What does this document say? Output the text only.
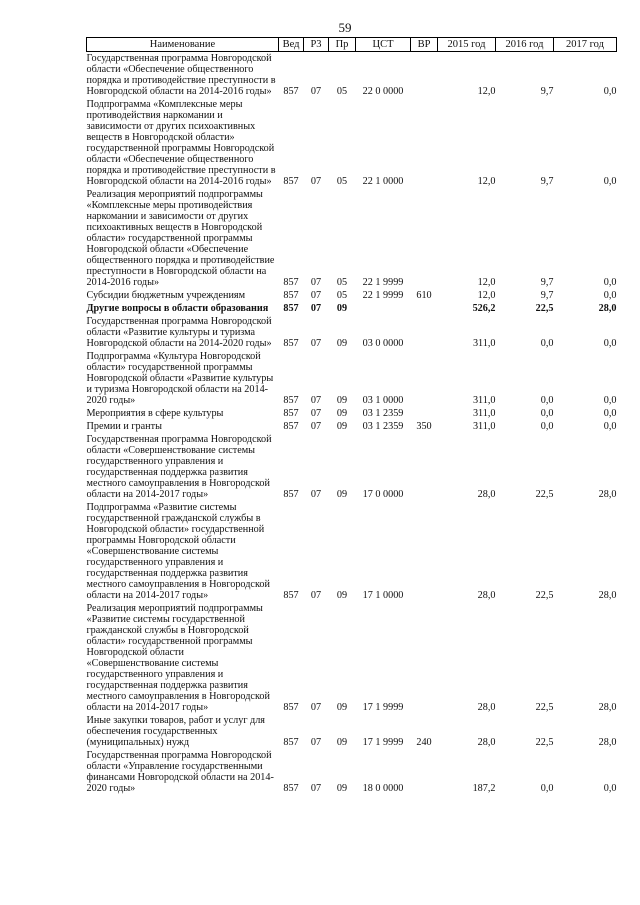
59
Наименование	Вед	Р3	Пр	ЦСТ	ВР	2015 год	2016 год	2017 год
Государственная программа Новгородской области «Обеспечение общественного порядка и противодействие преступности в Новгородской области на 2014-2016 годы»	857	07	05	22 0 0000		12,0	9,7	0,0
Подпрограмма «Комплексные меры противодействия наркомании и зависимости от других психоактивных веществ в Новгородской области» государственной программы Новгородской области «Обеспечение общественного порядка и противодействие преступности в Новгородской области на 2014-2016 годы»	857	07	05	22 1 0000		12,0	9,7	0,0
Реализация мероприятий подпрограммы «Комплексные меры противодействия наркомании и зависимости от других психоактивных веществ в Новгородской области» государственной программы Новгородской области «Обеспечение общественного порядка и противодействие преступности в Новгородской области на 2014-2016 годы»	857	07	05	22 1 9999		12,0	9,7	0,0
Субсидии бюджетным учреждениям	857	07	05	22 1 9999	610	12,0	9,7	0,0
Другие вопросы в области образования	857	07	09			526,2	22,5	28,0
Государственная программа Новгородской области «Развитие культуры и туризма Новгородской области на 2014-2020 годы»	857	07	09	03 0 0000		311,0	0,0	0,0
Подпрограмма «Культура Новгородской области» государственной программы Новгородской области «Развитие культуры и туризма Новгородской области на 2014-2020 годы»	857	07	09	03 1 0000		311,0	0,0	0,0
Мероприятия в сфере культуры	857	07	09	03 1 2359		311,0	0,0	0,0
Премии и гранты	857	07	09	03 1 2359	350	311,0	0,0	0,0
Государственная программа Новгородской области «Совершенствование системы государственного управления и государственная поддержка развития местного самоуправления в Новгородской области на 2014-2017 годы»	857	07	09	17 0 0000		28,0	22,5	28,0
Подпрограмма «Развитие системы государственной гражданской службы в Новгородской области» государственной программы Новгородской области «Совершенствование системы государственного управления и государственная поддержка развития местного самоуправления в Новгородской области на 2014-2017 годы»	857	07	09	17 1 0000		28,0	22,5	28,0
Реализация мероприятий подпрограммы «Развитие системы государственной гражданской службы в Новгородской области» государственной программы Новгородской области «Совершенствование системы государственного управления и государственная поддержка развития местного самоуправления в Новгородской области на 2014-2017 годы»	857	07	09	17 1 9999		28,0	22,5	28,0
Иные закупки товаров, работ и услуг для обеспечения государственных (муниципальных) нужд	857	07	09	17 1 9999	240	28,0	22,5	28,0
Государственная программа Новгородской области «Управление государственными финансами Новгородской области на 2014-2020 годы»	857	07	09	18 0 0000		187,2	0,0	0,0
